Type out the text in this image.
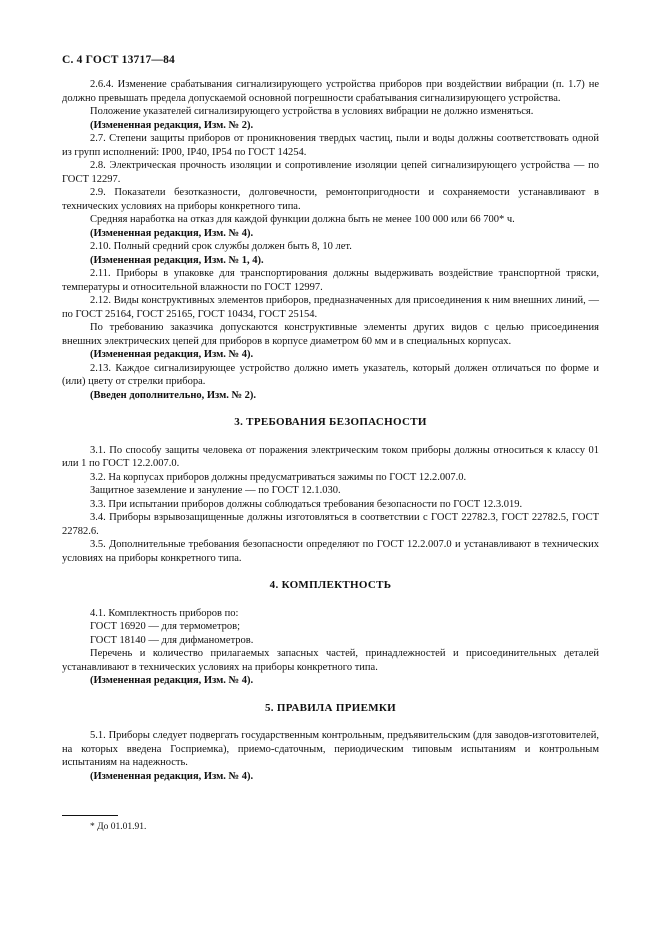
С. 4 ГОСТ 13717—84

2.6.4. Изменение срабатывания сигнализирующего устройства приборов при воздействии вибрации (п. 1.7) не должно превышать предела допускаемой основной погрешности срабатывания сигнализирующего устройства.

Положение указателей сигнализирующего устройства в условиях вибрации не должно изменяться.

(Измененная редакция, Изм. № 2).

2.7. Степени защиты приборов от проникновения твердых частиц, пыли и воды должны соответствовать одной из групп исполнений: IP00, IP40, IP54 по ГОСТ 14254.

2.8. Электрическая прочность изоляции и сопротивление изоляции цепей сигнализирующего устройства — по ГОСТ 12297.

2.9. Показатели безотказности, долговечности, ремонтопригодности и сохраняемости устанавливают в технических условиях на приборы конкретного типа.

Средняя наработка на отказ для каждой функции должна быть не менее 100 000 или 66 700* ч.

(Измененная редакция, Изм. № 4).

2.10. Полный средний срок службы должен быть 8, 10 лет.

(Измененная редакция, Изм. № 1, 4).

2.11. Приборы в упаковке для транспортирования должны выдерживать воздействие транспортной тряски, температуры и относительной влажности по ГОСТ 12997.

2.12. Виды конструктивных элементов приборов, предназначенных для присоединения к ним внешних линий, — по ГОСТ 25164, ГОСТ 25165, ГОСТ 10434, ГОСТ 25154.

По требованию заказчика допускаются конструктивные элементы других видов с целью присоединения внешних электрических цепей для приборов в корпусе диаметром 60 мм и в специальных корпусах.

(Измененная редакция, Изм. № 4).

2.13. Каждое сигнализирующее устройство должно иметь указатель, который должен отличаться по форме и (или) цвету от стрелки прибора.

(Введен дополнительно, Изм. № 2).

3. ТРЕБОВАНИЯ БЕЗОПАСНОСТИ

3.1. По способу защиты человека от поражения электрическим током приборы должны относиться к классу 01 или 1 по ГОСТ 12.2.007.0.

3.2. На корпусах приборов должны предусматриваться зажимы по ГОСТ 12.2.007.0.

Защитное заземление и зануление — по ГОСТ 12.1.030.

3.3. При испытании приборов должны соблюдаться требования безопасности по ГОСТ 12.3.019.

3.4. Приборы взрывозащищенные должны изготовляться в соответствии с ГОСТ 22782.3, ГОСТ 22782.5, ГОСТ 22782.6.

3.5. Дополнительные требования безопасности определяют по ГОСТ 12.2.007.0 и устанавливают в технических условиях на приборы конкретного типа.

4. КОМПЛЕКТНОСТЬ

4.1. Комплектность приборов по:

ГОСТ 16920 — для термометров;

ГОСТ 18140 — для дифманометров.

Перечень и количество прилагаемых запасных частей, принадлежностей и присоединительных деталей устанавливают в технических условиях на приборы конкретного типа.

(Измененная редакция, Изм. № 4).

5. ПРАВИЛА ПРИЕМКИ

5.1. Приборы следует подвергать государственным контрольным, предъявительским (для заводов-изготовителей, на которых введена Госприемка), приемо-сдаточным, периодическим типовым испытаниям и контрольным испытаниям на надежность.

(Измененная редакция, Изм. № 4).

* До 01.01.91.
